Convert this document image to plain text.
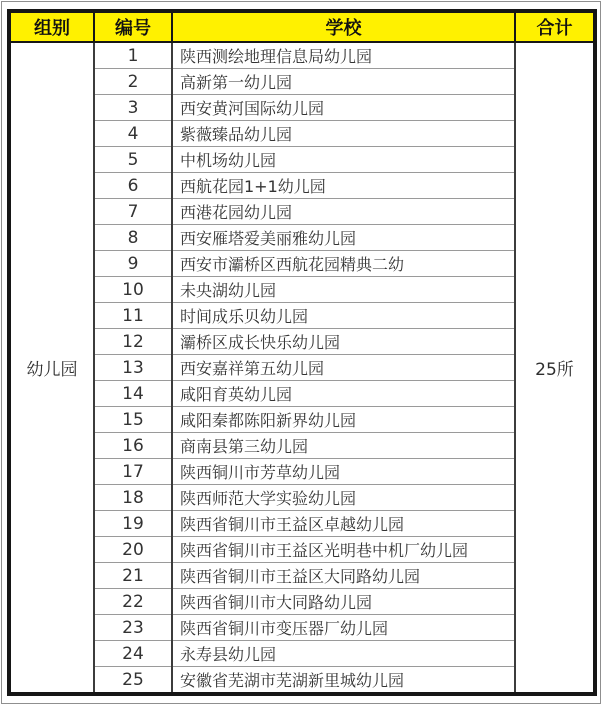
组别	编号	学校	合计
幼儿园	1	陕西测绘地理信息局幼儿园	25所
	2	高新第一幼儿园	
	3	西安黄河国际幼儿园	
	4	紫薇臻品幼儿园	
	5	中机场幼儿园	
	6	西航花园1+1幼儿园	
	7	西港花园幼儿园	
	8	西安雁塔爱美丽雅幼儿园	
	9	西安市灞桥区西航花园精典二幼	
	10	未央湖幼儿园	
	11	时间成乐贝幼儿园	
	12	灞桥区成长快乐幼儿园	
	13	西安嘉祥第五幼儿园	
	14	咸阳育英幼儿园	
	15	咸阳秦都陈阳新界幼儿园	
	16	商南县第三幼儿园	
	17	陕西铜川市芳草幼儿园	
	18	陕西师范大学实验幼儿园	
	19	陕西省铜川市王益区卓越幼儿园	
	20	陕西省铜川市王益区光明巷中机厂幼儿园	
	21	陕西省铜川市王益区大同路幼儿园	
	22	陕西省铜川市大同路幼儿园	
	23	陕西省铜川市变压器厂幼儿园	
	24	永寿县幼儿园	
	25	安徽省芜湖市芜湖新里城幼儿园	
